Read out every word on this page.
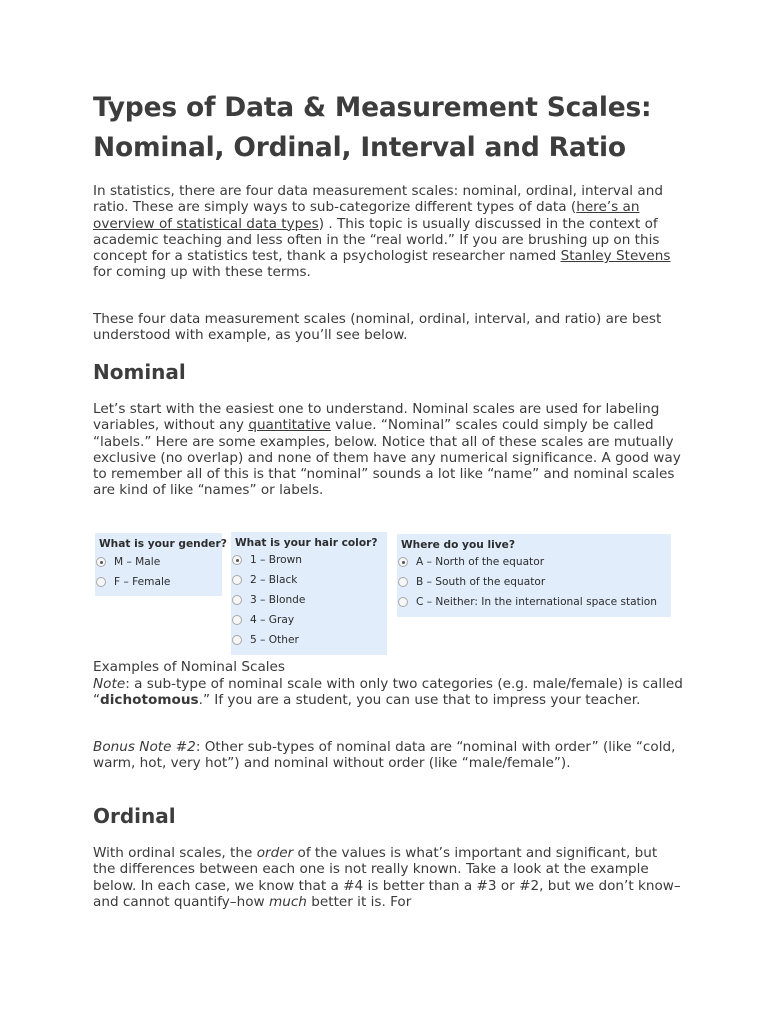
Types of Data & Measurement Scales: Nominal, Ordinal, Interval and Ratio

In statistics, there are four data measurement scales: nominal, ordinal, interval and ratio. These are simply ways to sub-categorize different types of data (here’s an overview of statistical data types) . This topic is usually discussed in the context of academic teaching and less often in the “real world.” If you are brushing up on this concept for a statistics test, thank a psychologist researcher named Stanley Stevens for coming up with these terms.

These four data measurement scales (nominal, ordinal, interval, and ratio) are best understood with example, as you’ll see below.

Nominal

Let’s start with the easiest one to understand. Nominal scales are used for labeling variables, without any quantitative value. “Nominal” scales could simply be called “labels.” Here are some examples, below. Notice that all of these scales are mutually exclusive (no overlap) and none of them have any numerical significance. A good way to remember all of this is that “nominal” sounds a lot like “name” and nominal scales are kind of like “names” or labels.

What is your gender?
M – Male
F – Female
What is your hair color?
1 – Brown
2 – Black
3 – Blonde
4 – Gray
5 – Other
Where do you live?
A – North of the equator
B – South of the equator
C – Neither: In the international space station

Examples of Nominal Scales

Note: a sub-type of nominal scale with only two categories (e.g. male/female) is called “dichotomous.” If you are a student, you can use that to impress your teacher.

Bonus Note #2: Other sub-types of nominal data are “nominal with order” (like “cold, warm, hot, very hot”) and nominal without order (like “male/female”).

Ordinal

With ordinal scales, the order of the values is what’s important and significant, but the differences between each one is not really known. Take a look at the example below. In each case, we know that a #4 is better than a #3 or #2, but we don’t know–and cannot quantify–how much better it is. For
